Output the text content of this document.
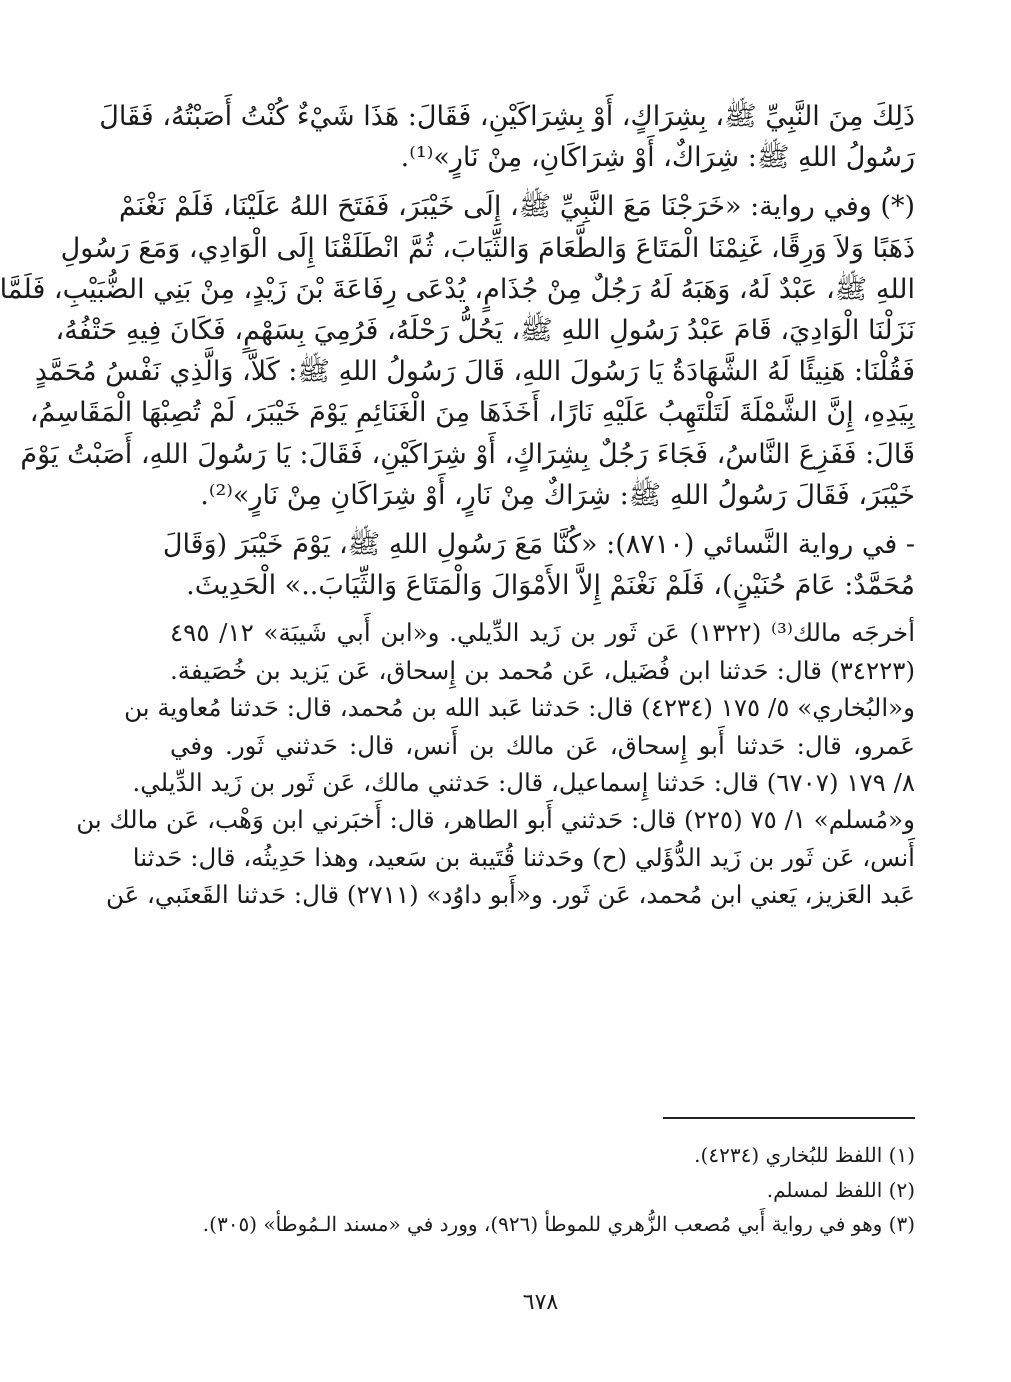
ذَلِكَ مِنَ النَّبِيِّ ﷺ، بِشِرَاكٍ، أَوْ بِشِرَاكَيْنِ، فَقَالَ: هَذَا شَيْءٌ كُنْتُ أَصَبْتُهُ، فَقَالَ
رَسُولُ اللهِ ﷺ: شِرَاكٌ، أَوْ شِرَاكَانِ، مِنْ نَارٍ»⁽¹⁾.
(*) وفي رواية: «خَرَجْنَا مَعَ النَّبِيِّ ﷺ، إِلَى خَيْبَرَ، فَفَتَحَ اللهُ عَلَيْنَا، فَلَمْ نَغْنَمْ
ذَهَبًا وَلاَ وَرِقًا، غَنِمْنَا الْمَتَاعَ وَالطَّعَامَ وَالثِّيَابَ، ثُمَّ انْطَلَقْنَا إِلَى الْوَادِي، وَمَعَ رَسُولِ
اللهِ ﷺ، عَبْدٌ لَهُ، وَهَبَهُ لَهُ رَجُلٌ مِنْ جُذَامٍ، يُدْعَى رِفَاعَةَ بْنَ زَيْدٍ، مِنْ بَنِي الضُّبَيْبِ، فَلَمَّا
نَزَلْنَا الْوَادِيَ، قَامَ عَبْدُ رَسُولِ اللهِ ﷺ، يَحُلُّ رَحْلَهُ، فَرُمِيَ بِسَهْمٍ، فَكَانَ فِيهِ حَتْفُهُ،
فَقُلْنَا: هَنِيئًا لَهُ الشَّهَادَةُ يَا رَسُولَ اللهِ، قَالَ رَسُولُ اللهِ ﷺ: كَلاَّ، وَالَّذِي نَفْسُ مُحَمَّدٍ
بِيَدِهِ، إِنَّ الشَّمْلَةَ لَتَلْتَهِبُ عَلَيْهِ نَارًا، أَخَذَهَا مِنَ الْغَنَائِمِ يَوْمَ خَيْبَرَ، لَمْ تُصِبْهَا الْمَقَاسِمُ،
قَالَ: فَفَزِعَ النَّاسُ، فَجَاءَ رَجُلٌ بِشِرَاكٍ، أَوْ شِرَاكَيْنِ، فَقَالَ: يَا رَسُولَ اللهِ، أَصَبْتُ يَوْمَ
خَيْبَرَ، فَقَالَ رَسُولُ اللهِ ﷺ: شِرَاكٌ مِنْ نَارٍ، أَوْ شِرَاكَانِ مِنْ نَارٍ»⁽²⁾.
- في رواية النَّسائي (٨٧١٠): «كُنَّا مَعَ رَسُولِ اللهِ ﷺ، يَوْمَ خَيْبَرَ (وَقَالَ
مُحَمَّدٌ: عَامَ حُنَيْنٍ)، فَلَمْ نَغْنَمْ إِلاَّ الأَمْوَالَ وَالْمَتَاعَ وَالثِّيَابَ..» الْحَدِيثَ.
أخرجَه مالك⁽³⁾ (١٣٢٢) عَن ثَور بن زَيد الدِّيلي. و«ابن أَبي شَيبَة» ١٢/ ٤٩٥
(٣٤٢٢٣) قال: حَدثنا ابن فُضَيل، عَن مُحمد بن إِسحاق، عَن يَزيد بن خُصَيفة.
و«البُخاري» ٥/ ١٧٥ (٤٢٣٤) قال: حَدثنا عَبد الله بن مُحمد، قال: حَدثنا مُعاوية بن
عَمرو، قال: حَدثنا أَبو إِسحاق، عَن مالك بن أَنس، قال: حَدثني ثَور. وفي
٨/ ١٧٩ (٦٧٠٧) قال: حَدثنا إِسماعيل، قال: حَدثني مالك، عَن ثَور بن زَيد الدِّيلي.
و«مُسلم» ١/ ٧٥ (٢٢٥) قال: حَدثني أَبو الطاهر، قال: أَخبَرني ابن وَهْب، عَن مالك بن
أَنس، عَن ثَور بن زَيد الدُّؤَلي (ح) وحَدثنا قُتَيبة بن سَعيد، وهذا حَدِيثُه، قال: حَدثنا
عَبد العَزيز، يَعني ابن مُحمد، عَن ثَور. و«أَبو داوُد» (٢٧١١) قال: حَدثنا القَعنَبي، عَن
(١) اللفظ للبُخاري (٤٢٣٤).
(٢) اللفظ لمسلم.
(٣) وهو في رواية أَبي مُصعب الزُّهري للموطأ (٩٢٦)، وورد في «مسند الـمُوطأ» (٣٠٥).
٦٧٨
